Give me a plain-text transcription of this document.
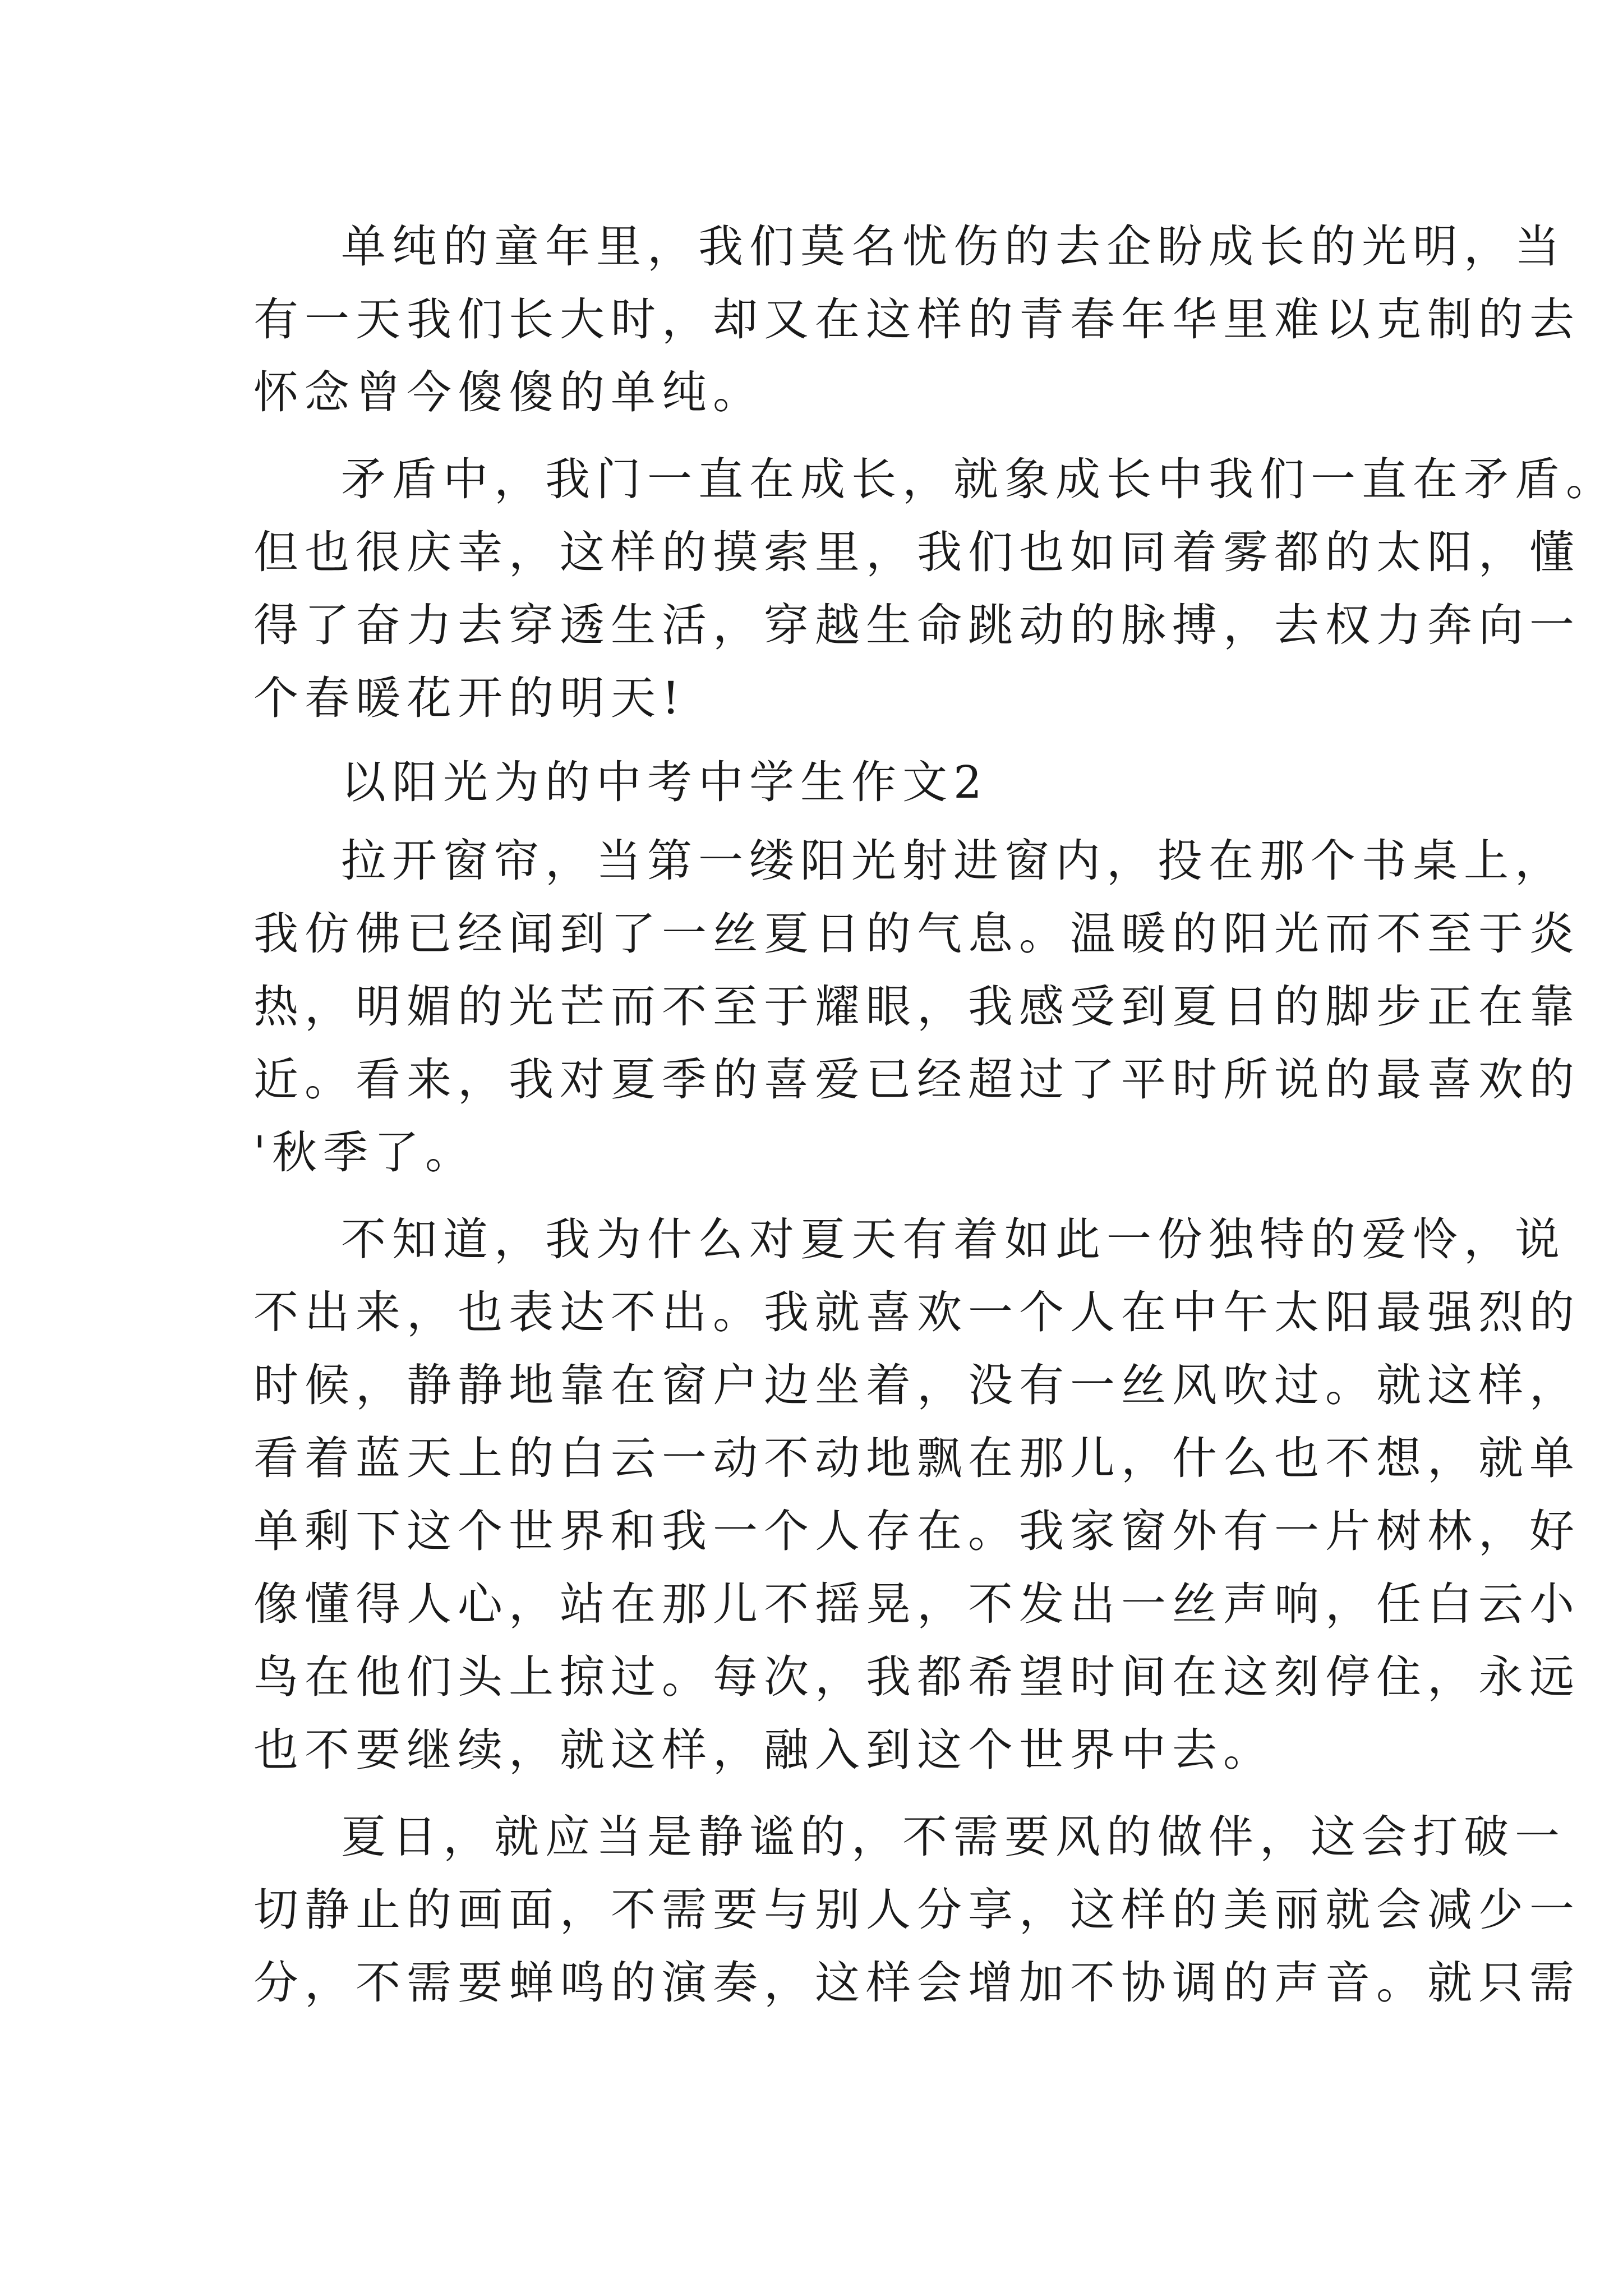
单纯的童年里，我们莫名忧伤的去企盼成长的光明，当
有一天我们长大时，却又在这样的青春年华里难以克制的去
怀念曾今傻傻的单纯。
矛盾中，我门一直在成长，就象成长中我们一直在矛盾。
但也很庆幸，这样的摸索里，我们也如同着雾都的太阳，懂
得了奋力去穿透生活，穿越生命跳动的脉搏，去权力奔向一
个春暖花开的明天!
以阳光为的中考中学生作文2
拉开窗帘，当第一缕阳光射进窗内，投在那个书桌上，
我仿佛已经闻到了一丝夏日的气息。温暖的阳光而不至于炎
热，明媚的光芒而不至于耀眼，我感受到夏日的脚步正在靠
近。看来，我对夏季的喜爱已经超过了平时所说的最喜欢的
'秋季了。
不知道，我为什么对夏天有着如此一份独特的爱怜，说
不出来，也表达不出。我就喜欢一个人在中午太阳最强烈的
时候，静静地靠在窗户边坐着，没有一丝风吹过。就这样，
看着蓝天上的白云一动不动地飘在那儿，什么也不想，就单
单剩下这个世界和我一个人存在。我家窗外有一片树林，好
像懂得人心，站在那儿不摇晃，不发出一丝声响，任白云小
鸟在他们头上掠过。每次，我都希望时间在这刻停住，永远
也不要继续，就这样，融入到这个世界中去。
夏日，就应当是静谧的，不需要风的做伴，这会打破一
切静止的画面，不需要与别人分享，这样的美丽就会减少一
分，不需要蝉鸣的演奏，这样会增加不协调的声音。就只需
